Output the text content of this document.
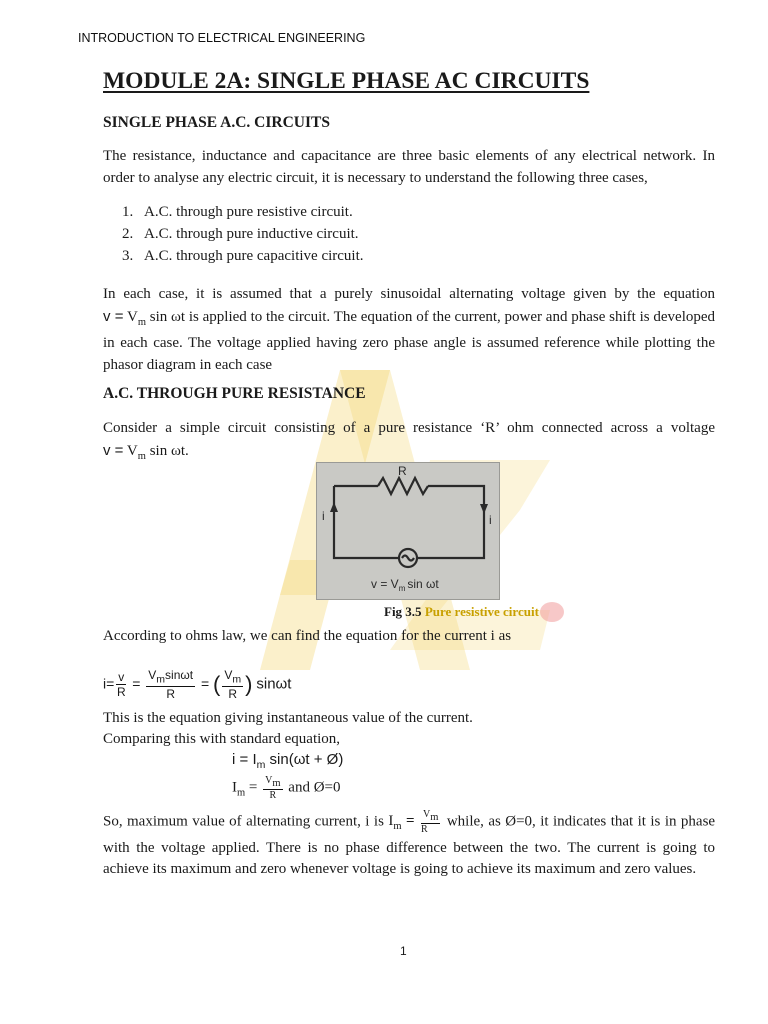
INTRODUCTION TO ELECTRICAL ENGINEERING
MODULE 2A: SINGLE PHASE AC CIRCUITS
SINGLE PHASE A.C. CIRCUITS
The resistance, inductance and capacitance are three basic elements of any electrical network. In order to analyse any electric circuit, it is necessary to understand the following three cases,
1. A.C. through pure resistive circuit.
2. A.C. through pure inductive circuit.
3. A.C. through pure capacitive circuit.
In each case, it is assumed that a purely sinusoidal alternating voltage given by the equation $v = V_m$ sin ωt is applied to the circuit. The equation of the current, power and phase shift is developed in each case. The voltage applied having zero phase angle is assumed reference while plotting the phasor diagram in each case
A.C. THROUGH PURE RESISTANCE
Consider a simple circuit consisting of a pure resistance ‘R’ ohm connected across a voltage $v = V_m$ sin ωt.
R
i	i
$v = V_m$ sin ωt
Fig 3.5 Pure resistive circuit
According to ohms law, we can find the equation for the current i as
$i= \frac{v}{R} = \frac{V_m\sin\omega t}{R}$ = ( $\frac{V_m}{R}$ ) sinωt
This is the equation giving instantaneous value of the current.
Comparing this with standard equation,
$i = I_m$ sin(ωt + Ø)
$I_m = \frac{V_m}{R}$ and Ø=0
So, maximum value of alternating current, i is $I_m = \frac{V_m}{R}$ while, as Ø=0, it indicates that it is in phase with the voltage applied. There is no phase difference between the two. The current is going to achieve its maximum and zero whenever voltage is going to achieve its maximum and zero values.
1
